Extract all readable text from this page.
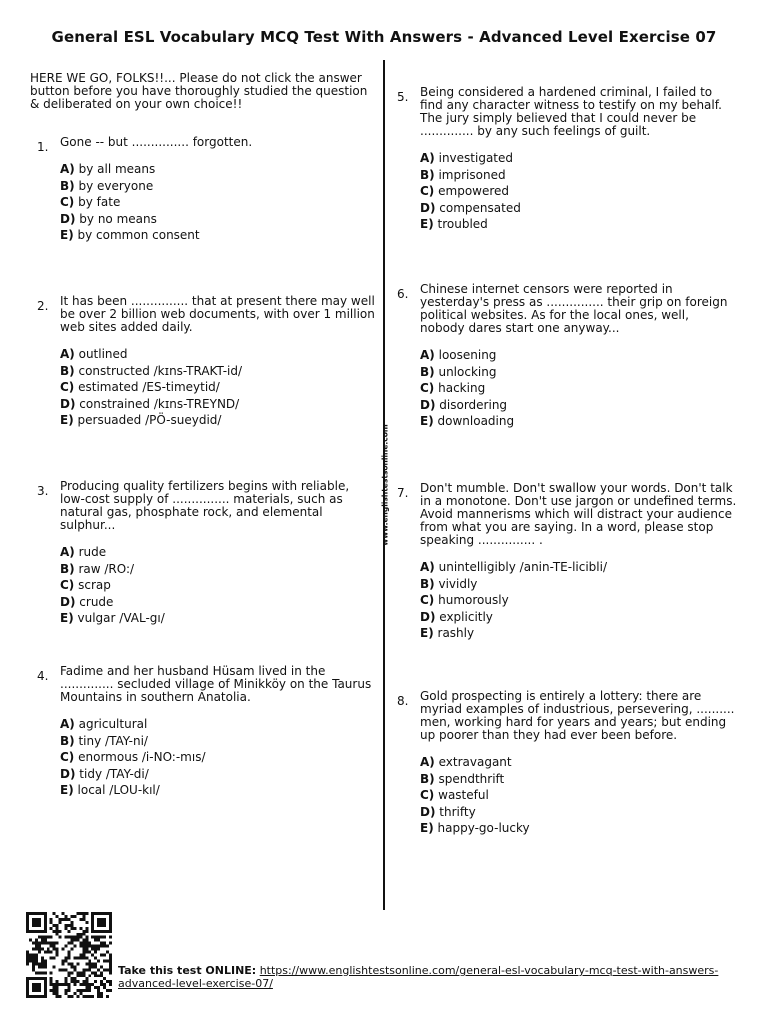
General ESL Vocabulary MCQ Test With Answers - Advanced Level Exercise 07
HERE WE GO, FOLKS!!... Please do not click the answer button before you have thoroughly studied the question & deliberated on your own choice!!
www.englishtestsonline.com
1. Gone -- but ............... forgotten.
A) by all means
B) by everyone
C) by fate
D) by no means
E) by common consent
2. It has been ............... that at present there may well be over 2 billion web documents, with over 1 million web sites added daily.
A) outlined
B) constructed /kɪns-TRAKT-id/
C) estimated /ES-timeytid/
D) constrained /kɪns-TREYND/
E) persuaded /PÖ-sueydid/
3. Producing quality fertilizers begins with reliable, low-cost supply of ............... materials, such as natural gas, phosphate rock, and elemental sulphur...
A) rude
B) raw /RO:/
C) scrap
D) crude
E) vulgar /VAL-gı/
4. Fadime and her husband Hüsam lived in the .............. secluded village of Minikköy on the Taurus Mountains in southern Anatolia.
A) agricultural
B) tiny /TAY-ni/
C) enormous /i-NO:-mıs/
D) tidy /TAY-di/
E) local /LOU-kıl/
5. Being considered a hardened criminal, I failed to find any character witness to testify on my behalf. The jury simply believed that I could never be .............. by any such feelings of guilt.
A) investigated
B) imprisoned
C) empowered
D) compensated
E) troubled
6. Chinese internet censors were reported in yesterday's press as ............... their grip on foreign political websites. As for the local ones, well, nobody dares start one anyway...
A) loosening
B) unlocking
C) hacking
D) disordering
E) downloading
7. Don't mumble. Don't swallow your words. Don't talk in a monotone. Don't use jargon or undefined terms. Avoid mannerisms which will distract your audience from what you are saying. In a word, please stop speaking ............... .
A) unintelligibly /anin-TE-licibli/
B) vividly
C) humorously
D) explicitly
E) rashly
8. Gold prospecting is entirely a lottery: there are myriad examples of industrious, persevering, .......... men, working hard for years and years; but ending up poorer than they had ever been before.
A) extravagant
B) spendthrift
C) wasteful
D) thrifty
E) happy-go-lucky
Take this test ONLINE: https://www.englishtestsonline.com/general-esl-vocabulary-mcq-test-with-answers-advanced-level-exercise-07/
